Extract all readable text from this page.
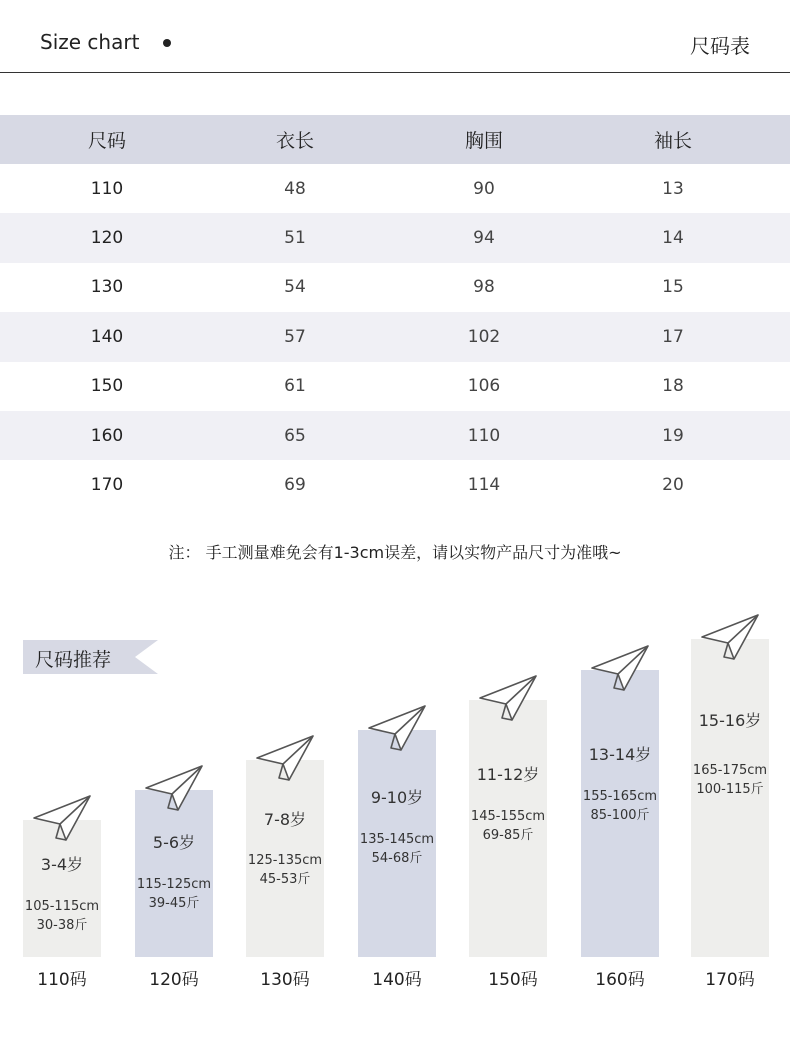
Size chart	尺码表
尺码	衣长	胸围	袖长
110	48	90	13
120	51	94	14
130	54	98	15
140	57	102	17
150	61	106	18
160	65	110	19
170	69	114	20
注： 手工测量难免会有1-3cm误差，请以实物产品尺寸为准哦~
尺码推荐
3-4岁
5-6岁
7-8岁
9-10岁
11-12岁
13-14岁
15-16岁
105-115cm
30-38斤
115-125cm
39-45斤
125-135cm
45-53斤
135-145cm
54-68斤
145-155cm
69-85斤
155-165cm
85-100斤
165-175cm
100-115斤
110码	120码	130码	140码	150码	160码	170码
